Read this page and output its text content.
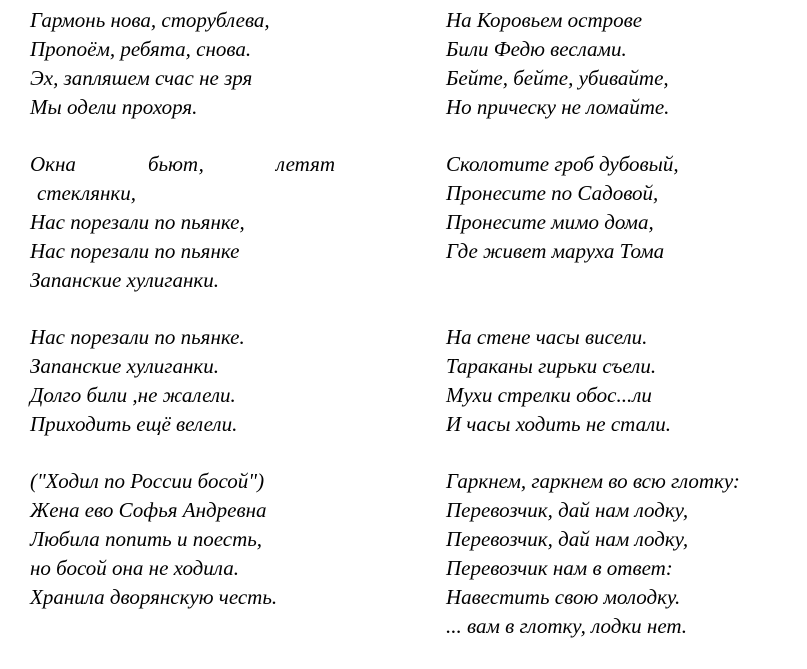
Гармонь нова, сторублева,
Пропоём, ребята, снова.
Эх, запляшем счас не зря
Мы одели прохоря.
Окна	бьют,	летят
стеклянки,
Нас порезали по пьянке,
Нас порезали по пьянке
Запанские хулиганки.
Нас порезали по пьянке.
Запанские хулиганки.
Долго били ,не жалели.
Приходить ещё велели.
("Ходил по России босой")
Жена ево Софья Андревна
Любила попить и поесть,
но босой она не ходила.
Хранила дворянскую честь.
На Коровьем острове
Били Федю веслами.
Бейте, бейте, убивайте,
Но прическу не ломайте.
Сколотите гроб дубовый,
Пронесите по Садовой,
Пронесите мимо дома,
Где живет маруха Тома
На стене часы висели.
Тараканы гирьки съели.
Мухи стрелки обос...ли
И часы ходить не стали.
Гаркнем, гаркнем во всю глотку:
Перевозчик, дай нам лодку,
Перевозчик, дай нам лодку,
Перевозчик нам в ответ:
Навестить свою молодку.
... вам в глотку, лодки нет.
